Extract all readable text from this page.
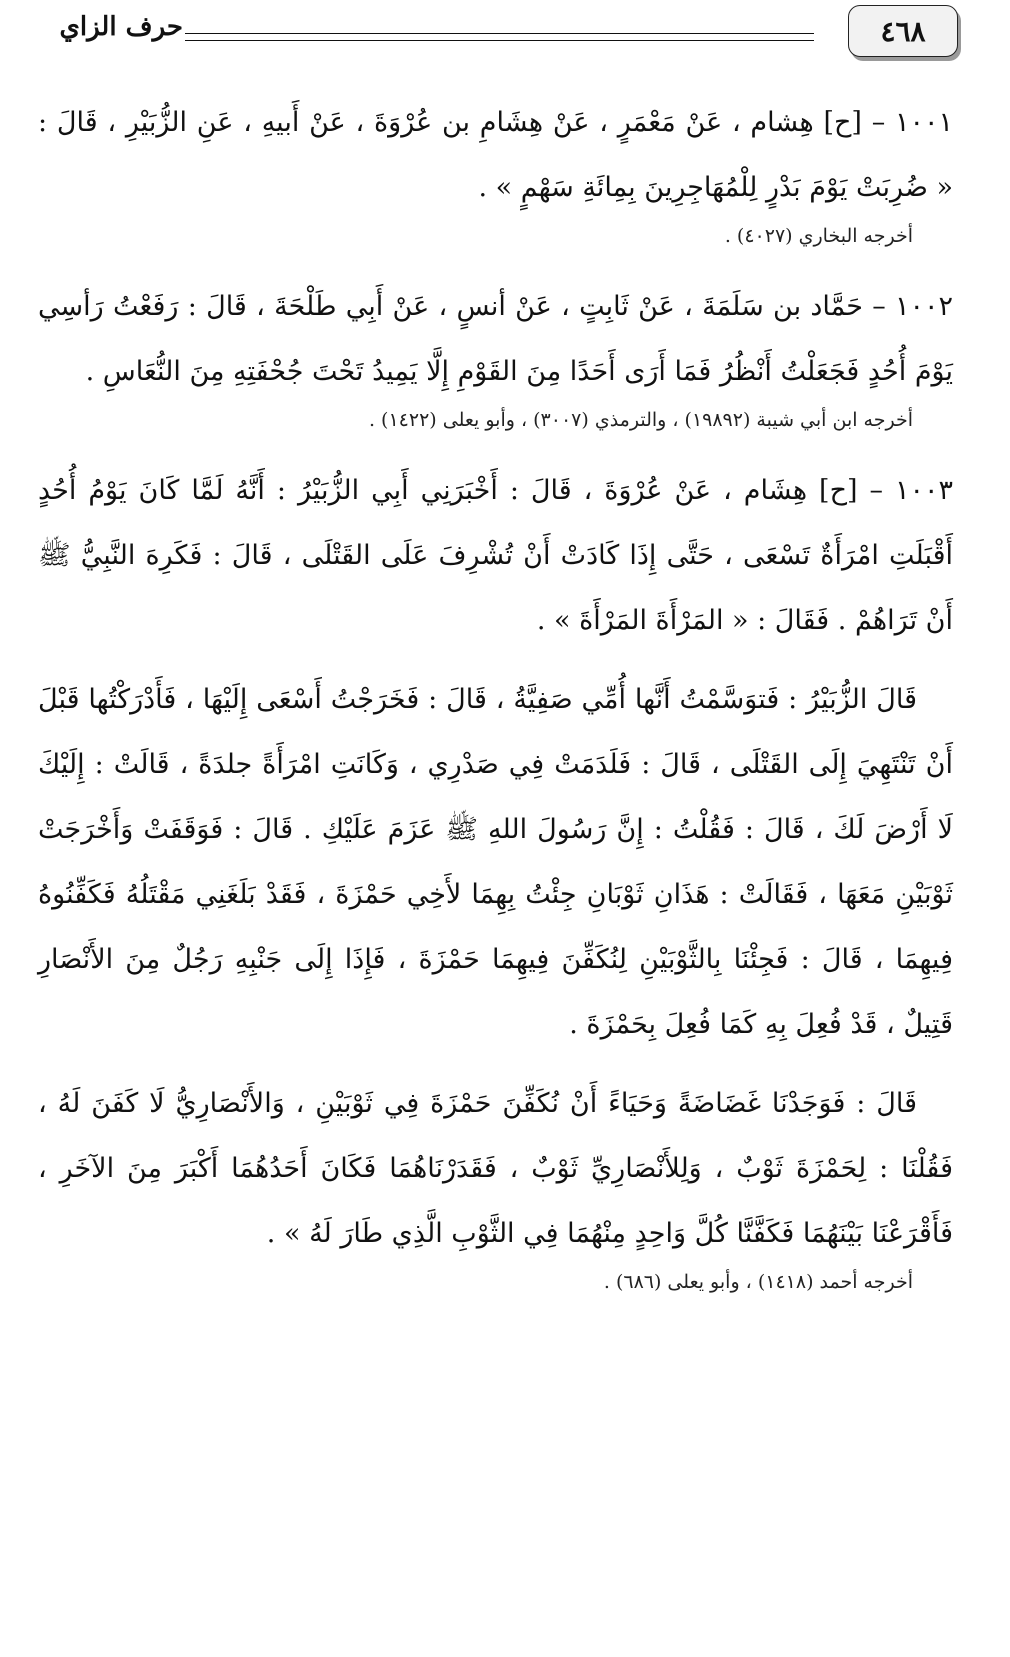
٤٦٨
حرف الزاي

١٠٠١ – [ح] هِشام ، عَنْ مَعْمَرٍ ، عَنْ هِشَامِ بن عُرْوَةَ ، عَنْ أَبيهِ ، عَنِ الزُّبَيْرِ ، قَالَ : « ضُرِبَتْ يَوْمَ بَدْرٍ لِلْمُهَاجِرِينَ بِمِائَةِ سَهْمٍ » .

أخرجه البخاري (٤٠٢٧) .

١٠٠٢ – حَمَّاد بن سَلَمَةَ ، عَنْ ثَابِتٍ ، عَنْ أنسٍ ، عَنْ أَبِي طَلْحَةَ ، قَالَ : رَفَعْتُ رَأسِي يَوْمَ أُحُدٍ فَجَعَلْتُ أَنْظُرُ فَمَا أَرَى أَحَدًا مِنَ القَوْمِ إِلَّا يَمِيدُ تَحْتَ جُحْفَتِهِ مِنَ النُّعَاسِ .

أخرجه ابن أبي شيبة (١٩٨٩٢) ، والترمذي (٣٠٠٧) ، وأبو يعلى (١٤٢٢) .

١٠٠٣ – [ح] هِشَام ، عَنْ عُرْوَةَ ، قَالَ : أَخْبَرَنِي أَبِي الزُّبَيْرُ : أَنَّهُ لَمَّا كَانَ يَوْمُ أُحُدٍ أَقْبَلَتِ امْرَأَةٌ تَسْعَى ، حَتَّى إِذَا كَادَتْ أَنْ تُشْرِفَ عَلَى القَتْلَى ، قَالَ : فَكَرِهَ النَّبِيُّ ﷺ أَنْ تَرَاهُمْ . فَقَالَ : « المَرْأَةَ المَرْأَةَ » .

قَالَ الزُّبَيْرُ : فَتوَسَّمْتُ أَنَّها أُمِّي صَفِيَّةُ ، قَالَ : فَخَرَجْتُ أَسْعَى إِلَيْهَا ، فَأَدْرَكْتُها قَبْلَ أَنْ تَنْتَهِيَ إِلَى القَتْلَى ، قَالَ : فَلَدَمَتْ فِي صَدْرِي ، وَكَانَتِ امْرَأَةً جلدَةً ، قَالَتْ : إِلَيْكَ لَا أَرْضَ لَكَ ، قَالَ : فَقُلْتُ : إِنَّ رَسُولَ اللهِ ﷺ عَزَمَ عَلَيْكِ . قَالَ : فَوَقَفَتْ وَأَخْرَجَتْ ثَوْبَيْنِ مَعَهَا ، فَقَالَتْ : هَذَانِ ثَوْبَانِ جِئْتُ بِهِمَا لأَخِي حَمْزَةَ ، فَقَدْ بَلَغَنِي مَقْتَلُهُ فَكَفِّنُوهُ فِيهِمَا ، قَالَ : فَجِئْنَا بِالثَّوْبَيْنِ لِنُكَفِّنَ فِيهِمَا حَمْزَةَ ، فَإِذَا إِلَى جَنْبِهِ رَجُلٌ مِنَ الأَنْصَارِ قَتِيلٌ ، قَدْ فُعِلَ بِهِ كَمَا فُعِلَ بِحَمْزَةَ .

قَالَ : فَوَجَدْنَا غَضَاضَةً وَحَيَاءً أَنْ نُكَفِّنَ حَمْزَةَ فِي ثَوْبَيْنِ ، وَالأَنْصَارِيُّ لَا كَفَنَ لَهُ ، فَقُلْنَا : لِحَمْزَةَ ثَوْبٌ ، وَلِلأَنْصَارِيِّ ثَوْبٌ ، فَقَدَرْنَاهُمَا فَكَانَ أَحَدُهُمَا أَكْبَرَ مِنَ الآخَرِ ، فَأَقْرَعْنَا بَيْنَهُمَا فَكَفَّنَّا كُلَّ وَاحِدٍ مِنْهُمَا فِي الثَّوْبِ الَّذِي طَارَ لَهُ » .

أخرجه أحمد (١٤١٨) ، وأبو يعلى (٦٨٦) .
